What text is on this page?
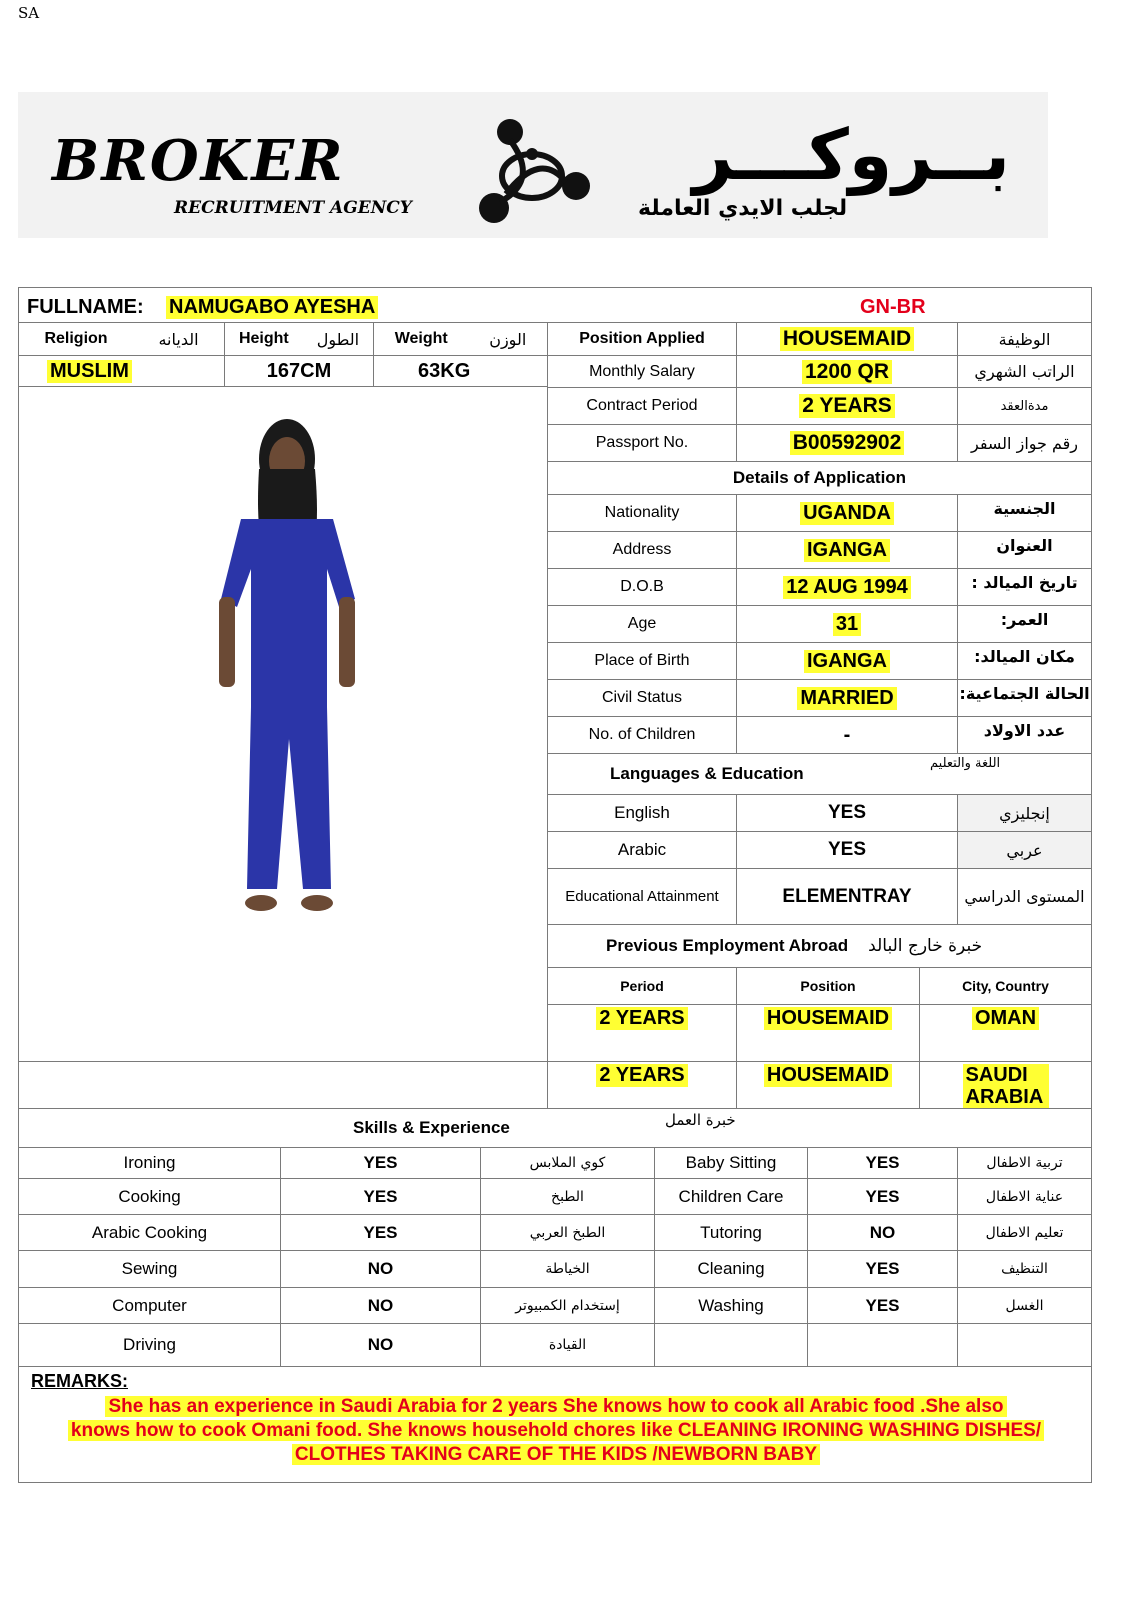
SA
BROKER
RECRUITMENT AGENCY
بــروكـــر
لجلب الايدي العاملة
FULLNAME: NAMUGABO AYESHA	GN-BR
Religion	الديانه	Height الطول Weight	الوزن
MUSLIM	167CM	63KG
Position Applied	HOUSEMAID	الوظيفة
Monthly Salary	1200 QR	الراتب الشهري
Contract Period	2 YEARS	مدةالعقد
Passport No.	B00592902	رقم جواز السفر
Details of Application
Nationality	UGANDA	الجنسية
Address	IGANGA	العنوان
D.O.B	12 AUG 1994	تاريخ الميالد :
Age	31	العمر:
Place of Birth	IGANGA	مكان الميالد:
Civil Status	MARRIED	الحالة الجتماعية:
No. of Children	-	عدد الاولاد
Languages & Education
اللغة والتعليم
English	YES	إنجليزي
Arabic	YES	عربي
Educational Attainment	ELEMENTRAY	المستوى الدراسي
Previous Employment Abroad خبرة خارج البالد
Period	Position	City, Country
2 YEARS	HOUSEMAID	OMAN
2 YEARS	HOUSEMAID	SAUDI ARABIA
Skills & Experience	خبرة العمل
Ironing	YES	كوي الملابس	Baby Sitting	YES	تربية الاطفال
Cooking	YES	الطبخ	Children Care	YES	عناية الاطفال
Arabic Cooking	YES	الطبخ العربي	Tutoring	NO	تعليم الاطفال
Sewing	NO	الخياطة	Cleaning	YES	التنظيف
Computer	NO	إستخدام الكمبيوتر	Washing	YES	الغسل
Driving	NO	القيادة
REMARKS:
She has an experience in Saudi Arabia for 2 years She knows how to cook all Arabic food .She also
knows how to cook Omani food. She knows household chores like CLEANING IRONING WASHING DISHES/
CLOTHES TAKING CARE OF THE KIDS /NEWBORN BABY
